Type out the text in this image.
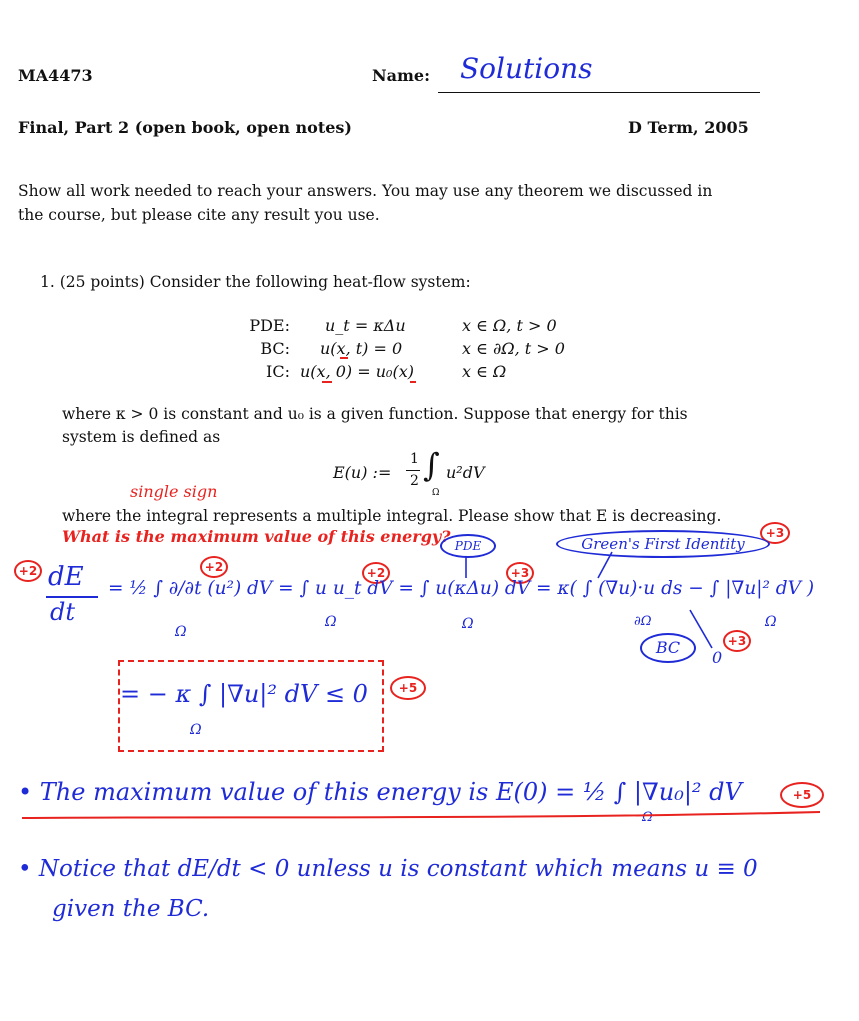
MA4473	Name: Solutions
Final, Part 2 (open book, open notes)	D Term, 2005
Show all work needed to reach your answers. You may use any theorem we discussed in
the course, but please cite any result you use.
1. (25 points) Consider the following heat-flow system:
PDE: u_t = κΔu	x ∈ Ω, t > 0
BC: u(x, t) = 0	x ∈ ∂Ω, t > 0
IC: u(x, 0) = u₀(x)	x ∈ Ω
where κ > 0 is constant and u₀ is a given function. Suppose that energy for this
system is defined as
E(u) :=
1
2 ∫
Ω
u²dV
single sign
where the integral represents a multiple integral. Please show that E is decreasing.
What is the maximum value of this energy?	+3
PDE	Green's First Identity
+2	+2	+2	+3
dE
dt
= ½ ∫ ∂/∂t (u²) dV = ∫ u u_t dV = ∫ u(κΔu) dV = κ( ∫ (∇u)·u ds − ∫ |∇u|² dV )
Ω
Ω	Ω	∂Ω	Ω
BC	+3
0
= − κ ∫ |∇u|² dV ≤ 0
Ω
+5
• The maximum value of this energy is E(0) = ½ ∫ |∇u₀|² dV
Ω
+5
• Notice that dE/dt < 0 unless u is constant which means u ≡ 0
given the BC.
